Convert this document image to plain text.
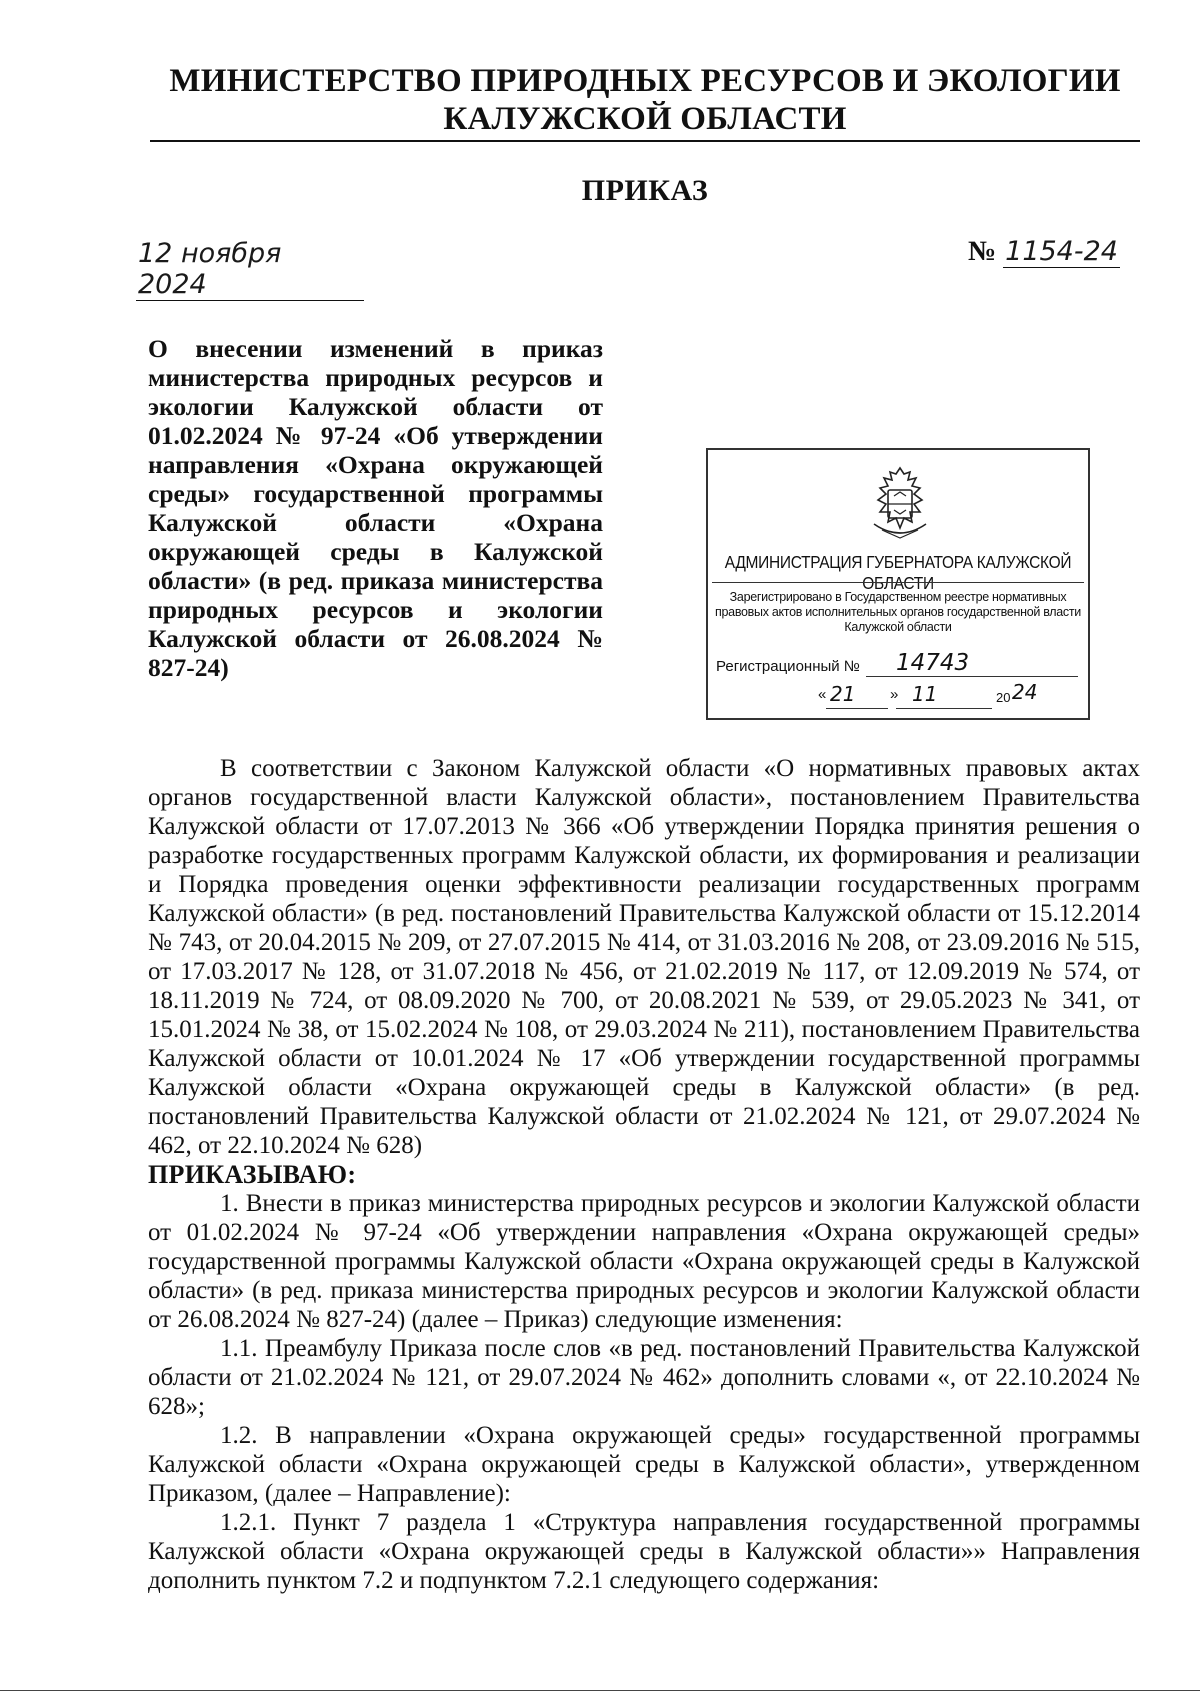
МИНИСТЕРСТВО ПРИРОДНЫХ РЕСУРСОВ И ЭКОЛОГИИ
КАЛУЖСКОЙ ОБЛАСТИ
ПРИКАЗ
12 ноября 2024
№ 1154-24
О внесении изменений в приказ министерства природных ресурсов и экологии Калужской области от 01.02.2024 № 97-24 «Об утверждении направления «Охрана окружающей среды» государственной программы Калужской области «Охрана окружающей среды в Калужской области» (в ред. приказа министерства природных ресурсов и экологии Калужской области от 26.08.2024 № 827-24)
АДМИНИСТРАЦИЯ ГУБЕРНАТОРА КАЛУЖСКОЙ ОБЛАСТИ
Зарегистрировано в Государственном реестре нормативных правовых актов исполнительных органов государственной власти Калужской области
Регистрационный №	14743
« 21 » 11	20 24

В соответствии с Законом Калужской области «О нормативных правовых актах органов государственной власти Калужской области», постановлением Правительства Калужской области от 17.07.2013 № 366 «Об утверждении Порядка принятия решения о разработке государственных программ Калужской области, их формирования и реализации и Порядка проведения оценки эффективности реализации государственных программ Калужской области» (в ред. постановлений Правительства Калужской области от 15.12.2014 № 743, от 20.04.2015 № 209, от 27.07.2015 № 414, от 31.03.2016 № 208, от 23.09.2016 № 515, от 17.03.2017 № 128, от 31.07.2018 № 456, от 21.02.2019 № 117, от 12.09.2019 № 574, от 18.11.2019 № 724, от 08.09.2020 № 700, от 20.08.2021 № 539, от 29.05.2023 № 341, от 15.01.2024 № 38, от 15.02.2024 № 108, от 29.03.2024 № 211), постановлением Правительства Калужской области от 10.01.2024 № 17 «Об утверждении государственной программы Калужской области «Охрана окружающей среды в Калужской области» (в ред. постановлений Правительства Калужской области от 21.02.2024 № 121, от 29.07.2024 № 462, от 22.10.2024 № 628)

ПРИКАЗЫВАЮ:

1. Внести в приказ министерства природных ресурсов и экологии Калужской области от 01.02.2024 № 97-24 «Об утверждении направления «Охрана окружающей среды» государственной программы Калужской области «Охрана окружающей среды в Калужской области» (в ред. приказа министерства природных ресурсов и экологии Калужской области от 26.08.2024 № 827-24) (далее – Приказ) следующие изменения:

1.1. Преамбулу Приказа после слов «в ред. постановлений Правительства Калужской области от 21.02.2024 № 121, от 29.07.2024 № 462» дополнить словами «, от 22.10.2024 № 628»;

1.2. В направлении «Охрана окружающей среды» государственной программы Калужской области «Охрана окружающей среды в Калужской области», утвержденном Приказом, (далее – Направление):

1.2.1. Пункт 7 раздела 1 «Структура направления государственной программы Калужской области «Охрана окружающей среды в Калужской области»» Направления дополнить пунктом 7.2 и подпунктом 7.2.1 следующего содержания:
